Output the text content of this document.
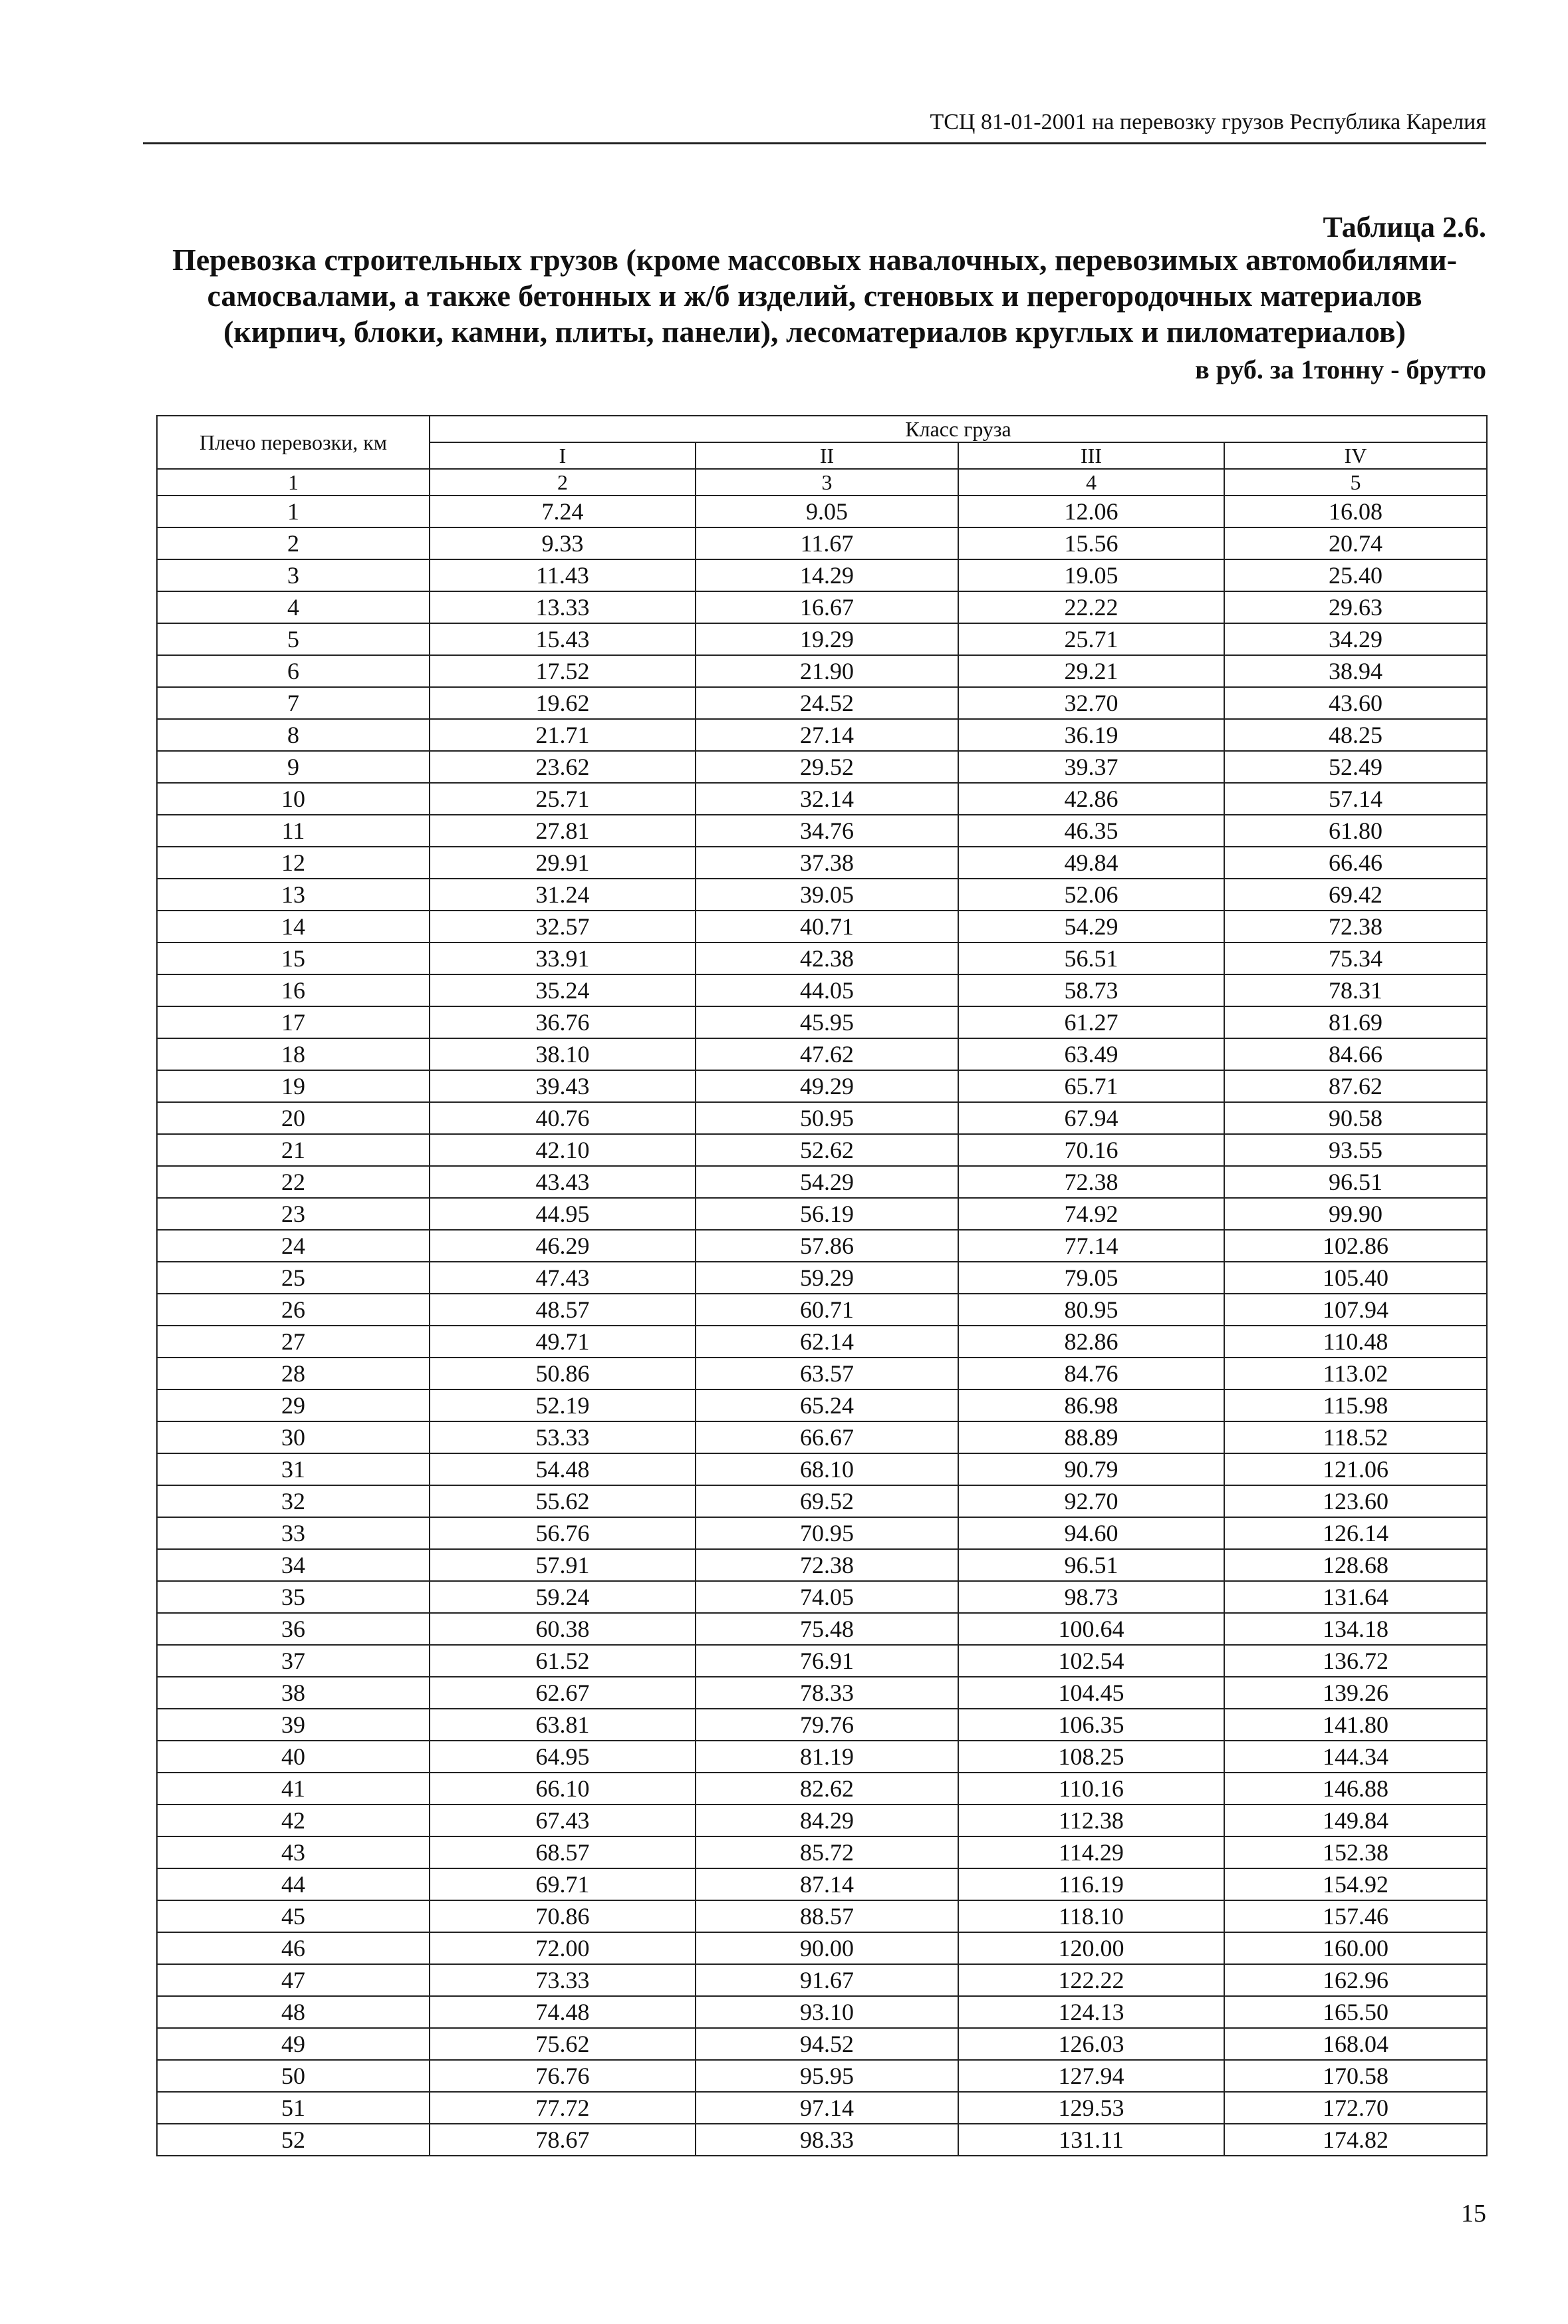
ТСЦ 81-01-2001 на перевозку грузов Республика Карелия
Таблица 2.6.
Перевозка строительных грузов (кроме массовых навалочных, перевозимых автомобилями-
самосвалами, а также бетонных и ж/б изделий, стеновых и перегородочных материалов
(кирпич, блоки, камни, плиты, панели), лесоматериалов круглых и пиломатериалов)
в руб. за 1тонну - брутто
Плечо перевозки, км	Класс груза			
	I	II	III	IV
1	2	3	4	5
1	7.24	9.05	12.06	16.08
2	9.33	11.67	15.56	20.74
3	11.43	14.29	19.05	25.40
4	13.33	16.67	22.22	29.63
5	15.43	19.29	25.71	34.29
6	17.52	21.90	29.21	38.94
7	19.62	24.52	32.70	43.60
8	21.71	27.14	36.19	48.25
9	23.62	29.52	39.37	52.49
10	25.71	32.14	42.86	57.14
11	27.81	34.76	46.35	61.80
12	29.91	37.38	49.84	66.46
13	31.24	39.05	52.06	69.42
14	32.57	40.71	54.29	72.38
15	33.91	42.38	56.51	75.34
16	35.24	44.05	58.73	78.31
17	36.76	45.95	61.27	81.69
18	38.10	47.62	63.49	84.66
19	39.43	49.29	65.71	87.62
20	40.76	50.95	67.94	90.58
21	42.10	52.62	70.16	93.55
22	43.43	54.29	72.38	96.51
23	44.95	56.19	74.92	99.90
24	46.29	57.86	77.14	102.86
25	47.43	59.29	79.05	105.40
26	48.57	60.71	80.95	107.94
27	49.71	62.14	82.86	110.48
28	50.86	63.57	84.76	113.02
29	52.19	65.24	86.98	115.98
30	53.33	66.67	88.89	118.52
31	54.48	68.10	90.79	121.06
32	55.62	69.52	92.70	123.60
33	56.76	70.95	94.60	126.14
34	57.91	72.38	96.51	128.68
35	59.24	74.05	98.73	131.64
36	60.38	75.48	100.64	134.18
37	61.52	76.91	102.54	136.72
38	62.67	78.33	104.45	139.26
39	63.81	79.76	106.35	141.80
40	64.95	81.19	108.25	144.34
41	66.10	82.62	110.16	146.88
42	67.43	84.29	112.38	149.84
43	68.57	85.72	114.29	152.38
44	69.71	87.14	116.19	154.92
45	70.86	88.57	118.10	157.46
46	72.00	90.00	120.00	160.00
47	73.33	91.67	122.22	162.96
48	74.48	93.10	124.13	165.50
49	75.62	94.52	126.03	168.04
50	76.76	95.95	127.94	170.58
51	77.72	97.14	129.53	172.70
52	78.67	98.33	131.11	174.82
15
